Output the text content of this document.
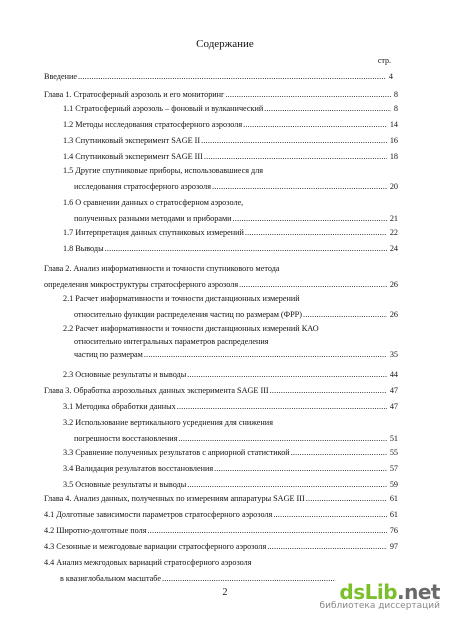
Содержание
стр.
Введение .....	4
Глава 1. Стратосферный аэрозоль и его мониторинг .....	8
1.1 Стратосферный аэрозоль – фоновый и вулканический .....	8
1.2 Методы исследования стратосферного аэрозоля .....	14
1.3 Спутниковый эксперимент SAGE II .....	16
1.4 Спутниковый эксперимент SAGE III .....	18
1.5 Другие спутниковые приборы, использовавшиеся для
исследования стратосферного аэрозоля .....	20
1.6 О сравнении данных о стратосферном аэрозоле,
полученных разными методами и приборами .....	21
1.7 Интерпретация данных спутниковых измерений .....	22
1.8 Выводы .....	24
Глава 2. Анализ информативности и точности спутникового метода
определения микроструктуры стратосферного аэрозоля .....	26
2.1 Расчет информативности и точности дистанционных измерений
относительно функции распределения частиц по размерам (ФРР) .....	26
2.2 Расчет информативности и точности дистанционных измерений КАО
относительно интегральных параметров распределения
частиц по размерам .....	35
2.3 Основные результаты и выводы .....	44
Глава 3. Обработка аэрозольных данных эксперимента SAGE III .....	47
3.1 Методика обработки данных .....	47
3.2 Использование вертикального усреднения для снижения
погрешности восстановления .....	51
3.3 Сравнение полученных результатов с априорной статистикой .....	55
3.4 Валидация результатов восстановления .....	57
3.5 Основные результаты и выводы .....	59
Глава 4. Анализ данных, полученных по измерениям аппаратуры SAGE III .....	61
4.1 Долготные зависимости параметров стратосферного аэрозоля .....	61
4.2 Широтно-долготные поля .....	76
4.3 Сезонные и межгодовые вариации стратосферного аэрозоля .....	97
4.4 Анализ межгодовых вариаций стратосферного аэрозоля
в квазиглобальном масштабе
.....
2	dsLib.net
библиотека диссертаций
